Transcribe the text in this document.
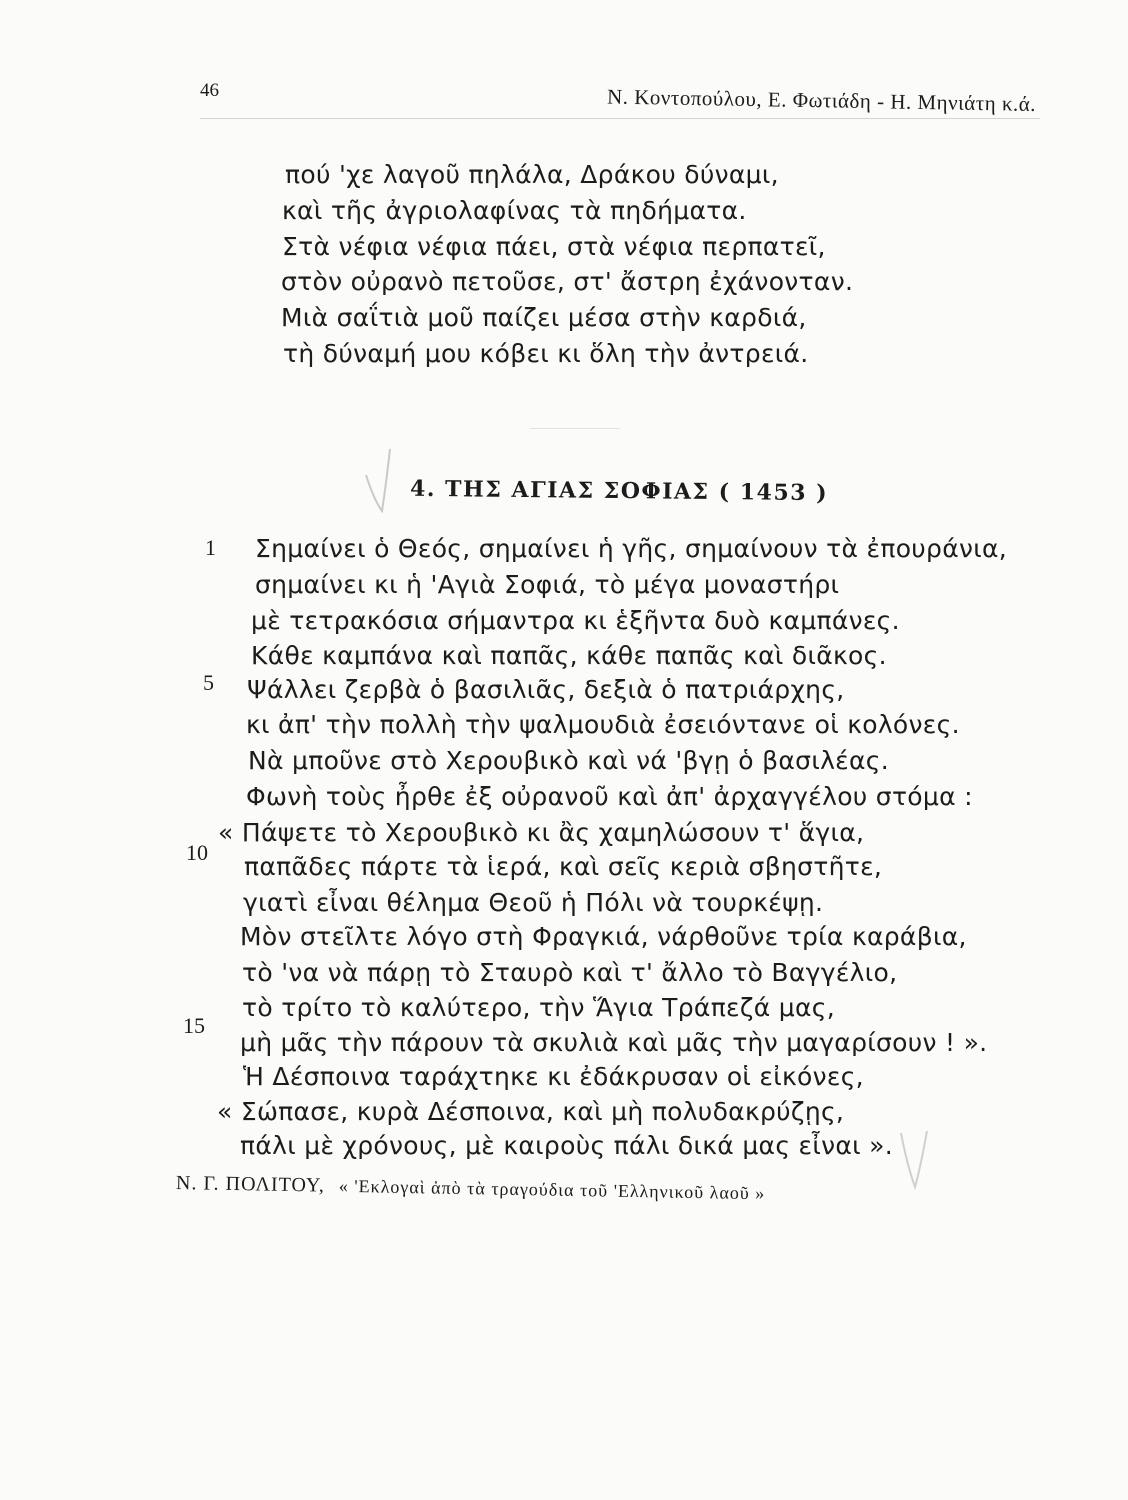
46	Ν. Κοντοπούλου, Ε. Φωτιάδη - Η. Μηνιάτη κ.ά.
πού 'χε λαγοῦ πηλάλα, Δράκου δύναμι,
καὶ τῆς ἀγριολαφίνας τὰ πηδήματα.
Στὰ νέφια νέφια πάει, στὰ νέφια περπατεῖ,
στὸν οὐρανὸ πετοῦσε, στ' ἄστρη ἐχάνονταν.
Μιὰ σαΐτιὰ μοῦ παίζει μέσα στὴν καρδιά,
τὴ δύναμή μου κόβει κι ὅλη τὴν ἀντρειά.
4. ΤΗΣ ΑΓΙΑΣ ΣΟΦΙΑΣ ( 1453 )
1
5
10
15
Σημαίνει ὁ Θεός, σημαίνει ἡ γῆς, σημαίνουν τὰ ἐπουράνια,
σημαίνει κι ἡ 'Αγιὰ Σοφιά, τὸ μέγα μοναστήρι
μὲ τετρακόσια σήμαντρα κι ἑξῆντα δυὸ καμπάνες.
Κάθε καμπάνα καὶ παπᾶς, κάθε παπᾶς καὶ διᾶκος.
Ψάλλει ζερβὰ ὁ βασιλιᾶς, δεξιὰ ὁ πατριάρχης,
κι ἀπ' τὴν πολλὴ τὴν ψαλμουδιὰ ἐσειόντανε οἱ κολόνες.
Νὰ μποῦνε στὸ Χερουβικὸ καὶ νά 'βγῃ ὁ βασιλέας.
Φωνὴ τοὺς ἦρθε ἐξ οὐρανοῦ καὶ ἀπ' ἀρχαγγέλου στόμα :
« Πάψετε τὸ Χερουβικὸ κι ἂς χαμηλώσουν τ' ἅγια,
παπᾶδες πάρτε τὰ ἱερά, καὶ σεῖς κεριὰ σβηστῆτε,
γιατὶ εἶναι θέλημα Θεοῦ ἡ Πόλι νὰ τουρκέψῃ.
Μὸν στεῖλτε λόγο στὴ Φραγκιά, νάρθοῦνε τρία καράβια,
τὸ 'να νὰ πάρῃ τὸ Σταυρὸ καὶ τ' ἄλλο τὸ Βαγγέλιο,
τὸ τρίτο τὸ καλύτερο, τὴν Ἅγια Τράπεζά μας,
μὴ μᾶς τὴν πάρουν τὰ σκυλιὰ καὶ μᾶς τὴν μαγαρίσουν ! ».
Ἡ Δέσποινα ταράχτηκε κι ἐδάκρυσαν οἱ εἰκόνες,
« Σώπασε, κυρὰ Δέσποινα, καὶ μὴ πολυδακρύζῃς,
πάλι μὲ χρόνους, μὲ καιροὺς πάλι δικά μας εἶναι ».
Ν. Γ. ΠΟΛΙΤΟΥ, « 'Εκλογαὶ ἀπὸ τὰ τραγούδια τοῦ 'Ελληνικοῦ λαοῦ »
